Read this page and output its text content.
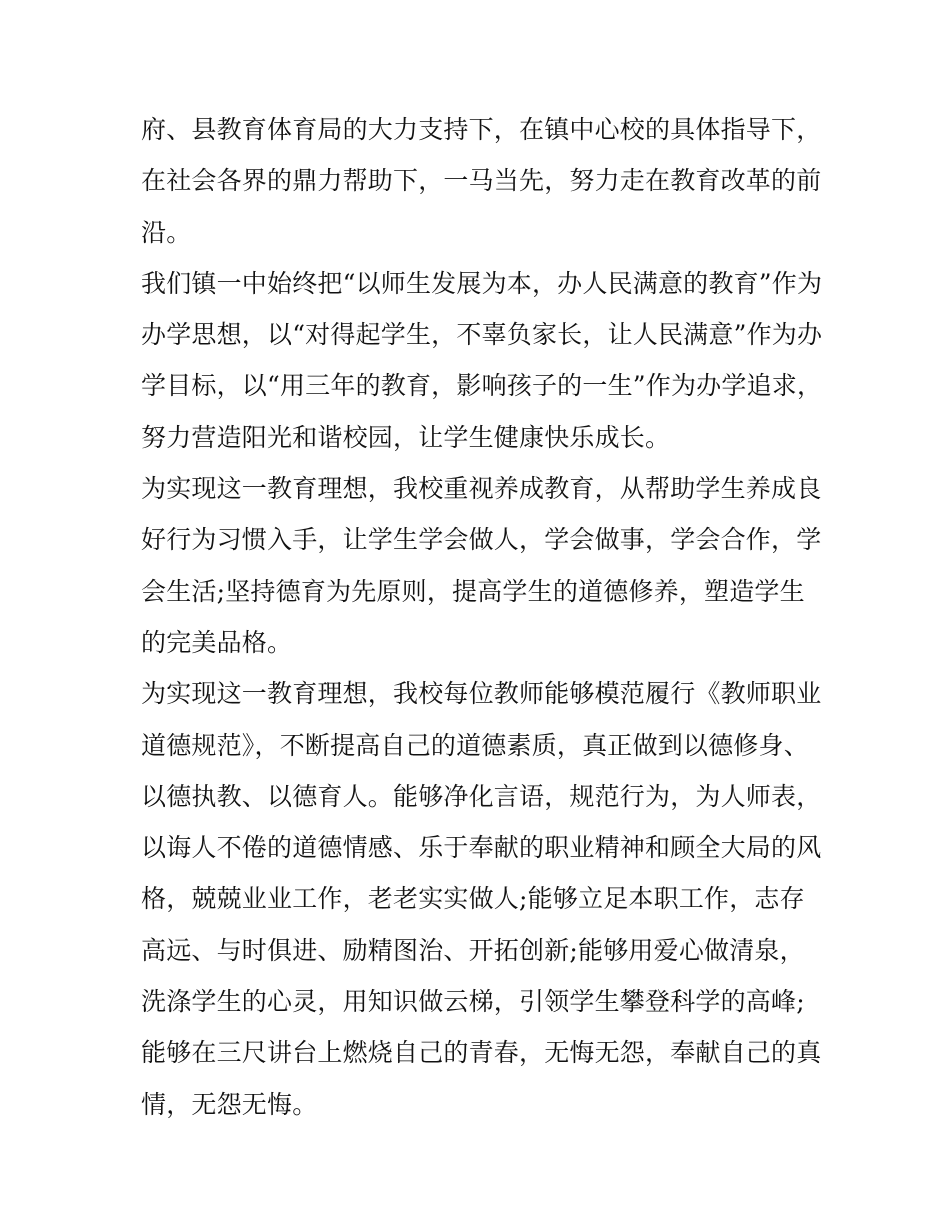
府、县教育体育局的大力支持下，在镇中心校的具体指导下，
在社会各界的鼎力帮助下，一马当先，努力走在教育改革的前
沿。
我们镇一中始终把“以师生发展为本，办人民满意的教育”作为
办学思想，以“对得起学生，不辜负家长，让人民满意”作为办
学目标，以“用三年的教育，影响孩子的一生”作为办学追求，
努力营造阳光和谐校园，让学生健康快乐成长。
为实现这一教育理想，我校重视养成教育，从帮助学生养成良
好行为习惯入手，让学生学会做人，学会做事，学会合作，学
会生活;坚持德育为先原则，提高学生的道德修养，塑造学生
的完美品格。
为实现这一教育理想，我校每位教师能够模范履行《教师职业
道德规范》，不断提高自己的道德素质，真正做到以德修身、
以德执教、以德育人。能够净化言语，规范行为，为人师表，
以诲人不倦的道德情感、乐于奉献的职业精神和顾全大局的风
格，兢兢业业工作，老老实实做人;能够立足本职工作，志存
高远、与时俱进、励精图治、开拓创新;能够用爱心做清泉，
洗涤学生的心灵，用知识做云梯，引领学生攀登科学的高峰;
能够在三尺讲台上燃烧自己的青春，无悔无怨，奉献自己的真
情，无怨无悔。
